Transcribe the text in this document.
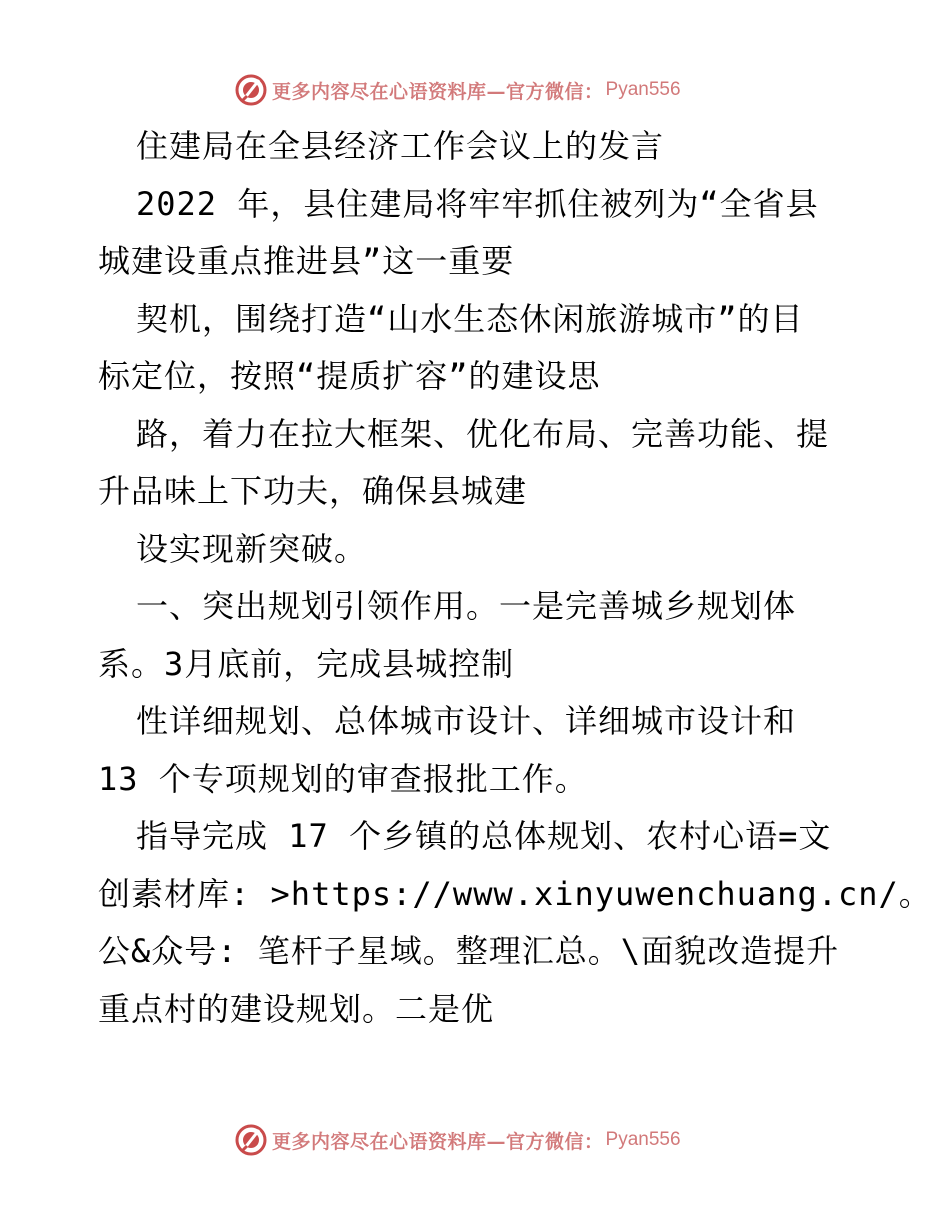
更多内容尽在心语资料库—官方微信： Pyan556
住建局在全县经济工作会议上的发言
2022 年，县住建局将牢牢抓住被列为“全省县
城建设重点推进县”这一重要
契机，围绕打造“山水生态休闲旅游城市”的目
标定位，按照“提质扩容”的建设思
路，着力在拉大框架、优化布局、完善功能、提
升品味上下功夫，确保县城建
设实现新突破。
一、突出规划引领作用。一是完善城乡规划体
系。3月底前，完成县城控制
性详细规划、总体城市设计、详细城市设计和
13 个专项规划的审查报批工作。
指导完成 17 个乡镇的总体规划、农村心语=文
创素材库: >https://www.xinyuwenchuang.cn/。
公&众号: 笔杆子星域。整理汇总。\面貌改造提升
重点村的建设规划。二是优
更多内容尽在心语资料库—官方微信： Pyan556
